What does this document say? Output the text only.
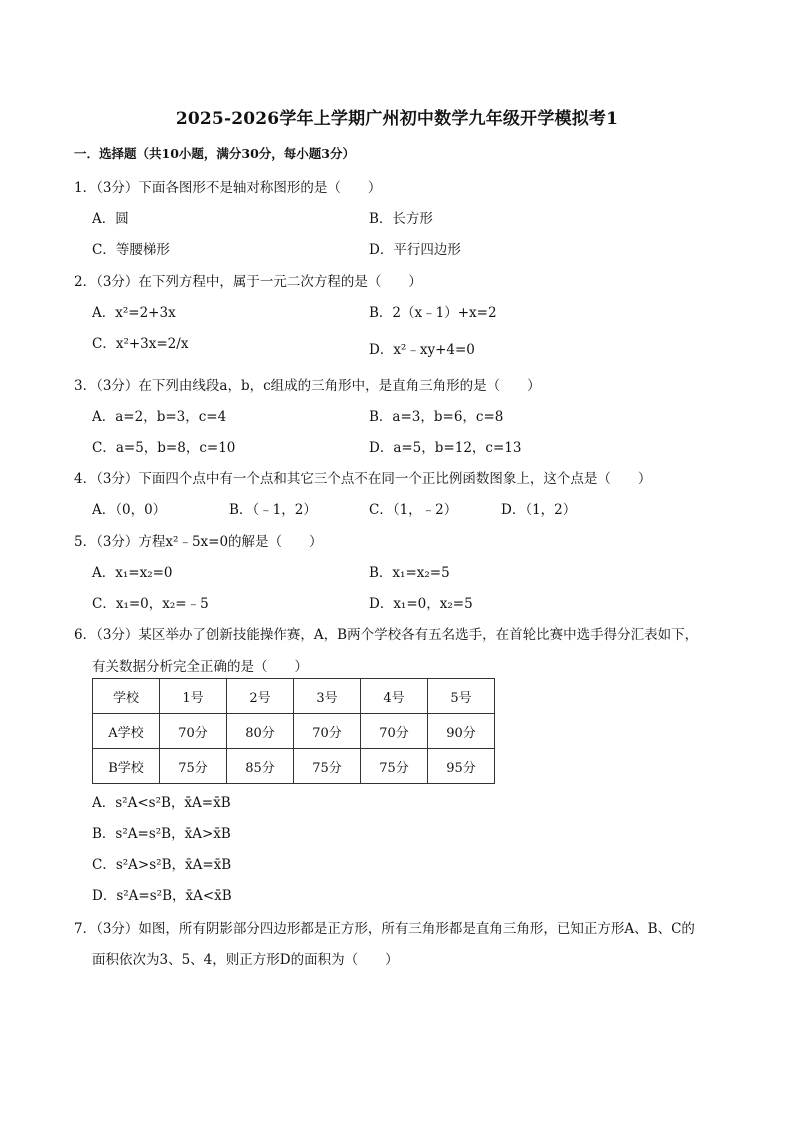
2025-2026学年上学期广州初中数学九年级开学模拟考1
一．选择题（共10小题，满分30分，每小题3分）
1．（3分）下面各图形不是轴对称图形的是（　　）
A．圆	B．长方形
C．等腰梯形	D．平行四边形
2．（3分）在下列方程中，属于一元二次方程的是（　　）
A．x²=2+3x	B．2（x﹣1）+x=2
C．x²+3x=2/x	D．x²﹣xy+4=0
3．（3分）在下列由线段a，b，c组成的三角形中，是直角三角形的是（　　）
A．a=2，b=3，c=4	B．a=3，b=6，c=8
C．a=5，b=8，c=10	D．a=5，b=12，c=13
4．（3分）下面四个点中有一个点和其它三个点不在同一个正比例函数图象上，这个点是（　　）
A．（0，0）	B．（﹣1，2）	C．（1，﹣2）	D．（1，2）
5．（3分）方程x²﹣5x=0的解是（　　）
A．x₁=x₂=0	B．x₁=x₂=5
C．x₁=0，x₂=﹣5	D．x₁=0，x₂=5
6．（3分）某区举办了创新技能操作赛，A，B两个学校各有五名选手，在首轮比赛中选手得分汇表如下，
有关数据分析完全正确的是（　　）
学校	1号	2号	3号	4号	5号
A学校	70分	80分	70分	70分	90分
B学校	75分	85分	75分	75分	95分
A．s²A<s²B，x̄A=x̄B
B．s²A=s²B，x̄A>x̄B
C．s²A>s²B，x̄A=x̄B
D．s²A=s²B，x̄A<x̄B
7．（3分）如图，所有阴影部分四边形都是正方形，所有三角形都是直角三角形，已知正方形A、B、C的
面积依次为3、5、4，则正方形D的面积为（　　）
